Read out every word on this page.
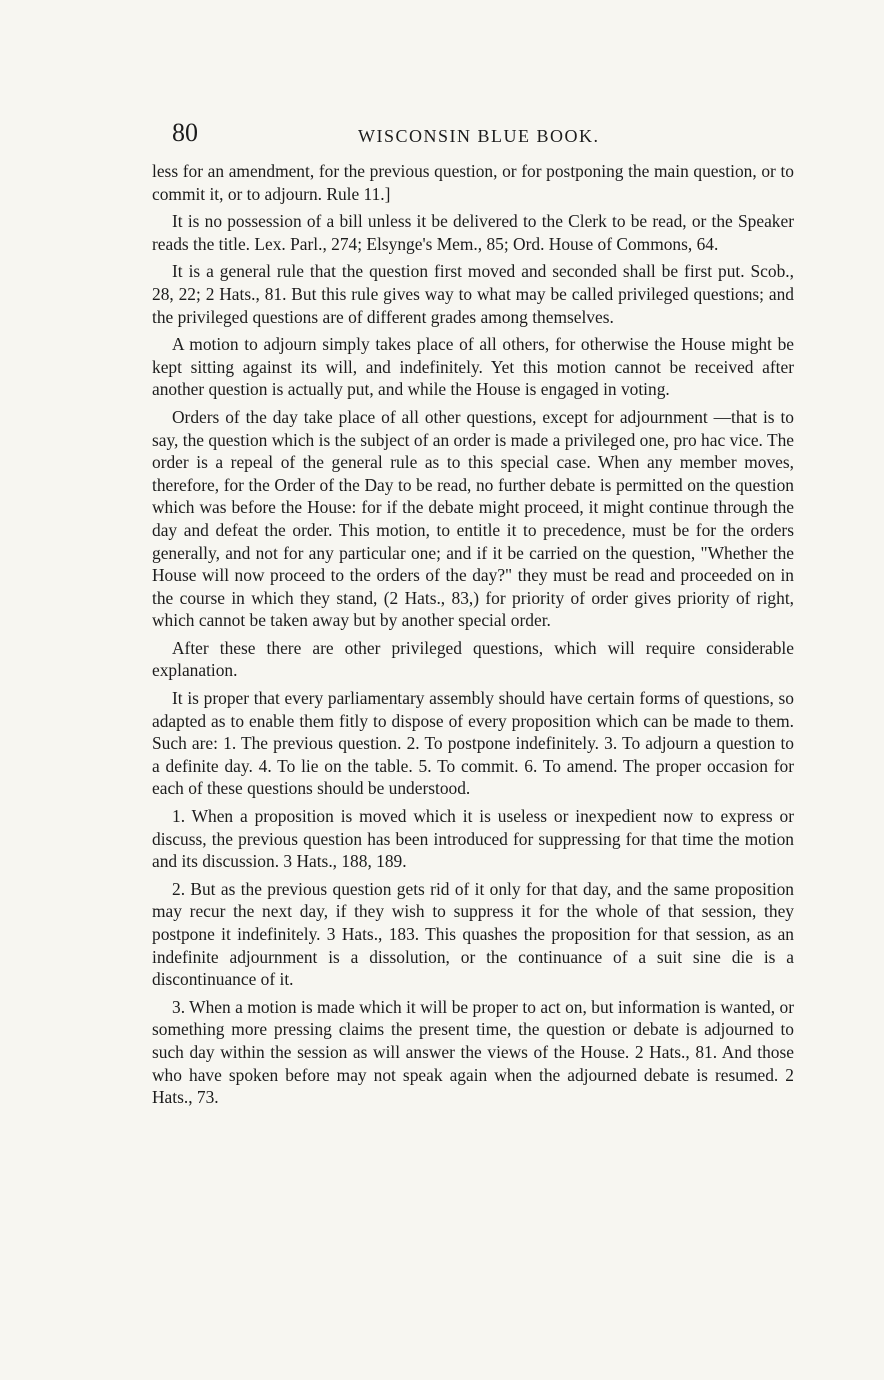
80	WISCONSIN BLUE BOOK.

less for an amendment, for the previous question, or for postponing the main question, or to commit it, or to adjourn. Rule 11.]

It is no possession of a bill unless it be delivered to the Clerk to be read, or the Speaker reads the title. Lex. Parl., 274; Elsynge's Mem., 85; Ord. House of Commons, 64.

It is a general rule that the question first moved and seconded shall be first put. Scob., 28, 22; 2 Hats., 81. But this rule gives way to what may be called privileged questions; and the privileged questions are of different grades among themselves.

A motion to adjourn simply takes place of all others, for otherwise the House might be kept sitting against its will, and indefinitely. Yet this motion cannot be received after another question is actually put, and while the House is engaged in voting.

Orders of the day take place of all other questions, except for adjournment —that is to say, the question which is the subject of an order is made a privileged one, pro hac vice. The order is a repeal of the general rule as to this special case. When any member moves, therefore, for the Order of the Day to be read, no further debate is permitted on the question which was before the House: for if the debate might proceed, it might continue through the day and defeat the order. This motion, to entitle it to precedence, must be for the orders generally, and not for any particular one; and if it be carried on the question, "Whether the House will now proceed to the orders of the day?" they must be read and proceeded on in the course in which they stand, (2 Hats., 83,) for priority of order gives priority of right, which cannot be taken away but by another special order.

After these there are other privileged questions, which will require considerable explanation.

It is proper that every parliamentary assembly should have certain forms of questions, so adapted as to enable them fitly to dispose of every proposition which can be made to them. Such are: 1. The previous question. 2. To postpone indefinitely. 3. To adjourn a question to a definite day. 4. To lie on the table. 5. To commit. 6. To amend. The proper occasion for each of these questions should be understood.

1. When a proposition is moved which it is useless or inexpedient now to express or discuss, the previous question has been introduced for suppressing for that time the motion and its discussion. 3 Hats., 188, 189.

2. But as the previous question gets rid of it only for that day, and the same proposition may recur the next day, if they wish to suppress it for the whole of that session, they postpone it indefinitely. 3 Hats., 183. This quashes the proposition for that session, as an indefinite adjournment is a dissolution, or the continuance of a suit sine die is a discontinuance of it.

3. When a motion is made which it will be proper to act on, but information is wanted, or something more pressing claims the present time, the question or debate is adjourned to such day within the session as will answer the views of the House. 2 Hats., 81. And those who have spoken before may not speak again when the adjourned debate is resumed. 2 Hats., 73.
